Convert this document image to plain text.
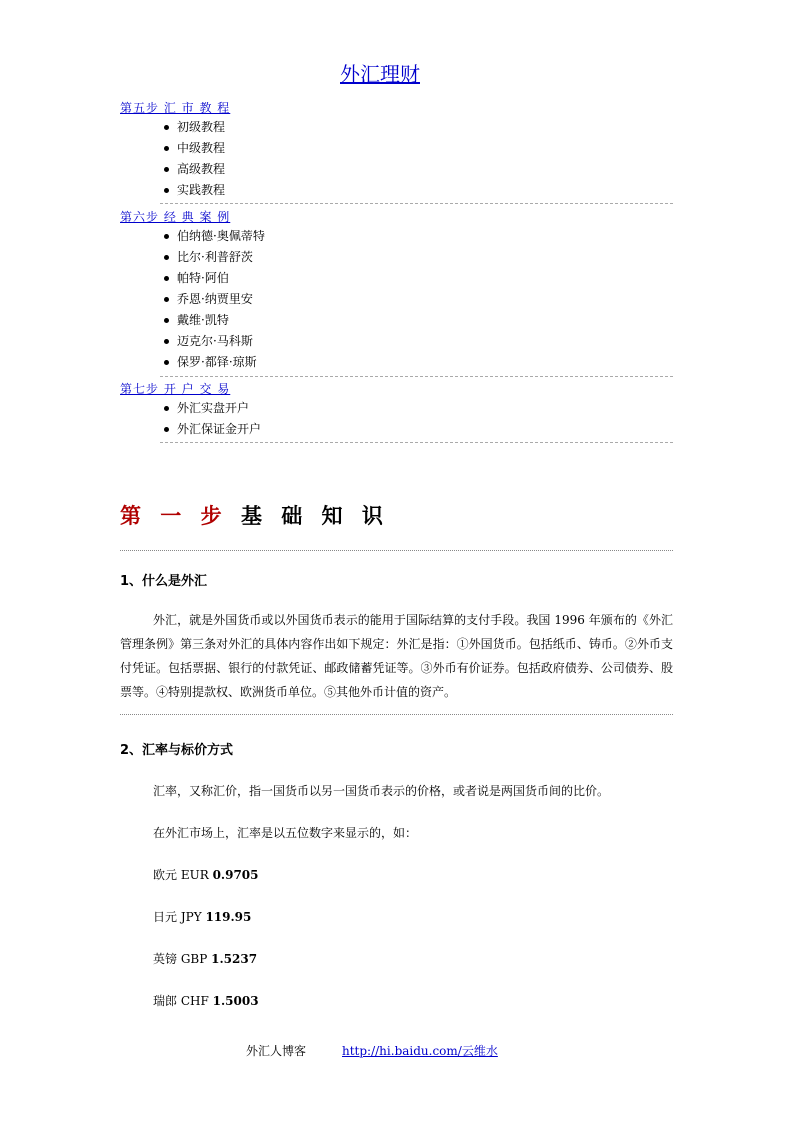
外汇理财
第五步 汇 市 教 程
初级教程
中级教程
高级教程
实践教程
第六步 经 典 案 例
伯纳德·奥佩蒂特
比尔·利普舒茨
帕特·阿伯
乔恩·纳贾里安
戴维·凯特
迈克尔·马科斯
保罗·都铎·琼斯
第七步 开 户 交 易
外汇实盘开户
外汇保证金开户
第 一 步 基 础 知 识
1、什么是外汇

外汇，就是外国货币或以外国货币表示的能用于国际结算的支付手段。我国 1996 年颁布的《外汇管理条例》第三条对外汇的具体内容作出如下规定：外汇是指：①外国货币。包括纸币、铸币。②外币支付凭证。包括票据、银行的付款凭证、邮政储蓄凭证等。③外币有价证券。包括政府债券、公司债券、股票等。④特别提款权、欧洲货币单位。⑤其他外币计值的资产。

2、汇率与标价方式
汇率，又称汇价，指一国货币以另一国货币表示的价格，或者说是两国货币间的比价。
在外汇市场上，汇率是以五位数字来显示的，如：
欧元 EUR 0.9705
日元 JPY 119.95
英镑 GBP 1.5237
瑞郎 CHF 1.5003
外汇人博客	http://hi.baidu.com/云维水
